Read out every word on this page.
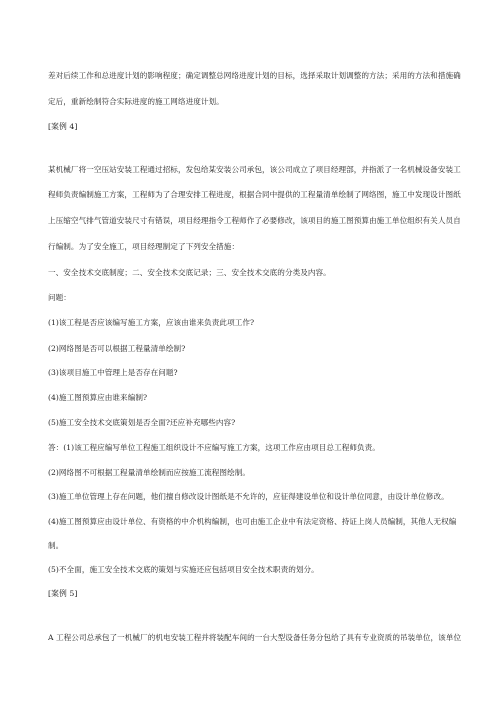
差对后续工作和总进度计划的影响程度；确定调整总网络进度计划的目标，选择采取计划调整的方法；采用的方法和措施确
定后，重新绘制符合实际进度的施工网络进度计划。
[案例 4]
某机械厂将一空压站安装工程通过招标，发包给某安装公司承包，该公司成立了项目经理部，并指派了一名机械设备安装工
程师负责编制施工方案，工程师为了合理安排工程进度，根据合同中提供的工程量清单绘制了网络图，施工中发现设计图纸
上压缩空气排气管道安装尺寸有错误，项目经理指令工程师作了必要修改，该项目的施工图预算由施工单位组织有关人员自
行编制。为了安全施工，项目经理制定了下列安全措施：
一、安全技术交底制度；二、安全技术交底记录；三、安全技术交底的分类及内容。
问题：
(1)该工程是否应该编写施工方案，应该由谁来负责此项工作?
(2)网络图是否可以根据工程量清单绘制?
(3)该项目施工中管理上是否存在问题?
(4)施工图预算应由谁来编制?
(5)施工安全技术交底策划是否全面?还应补充哪些内容?
答：(1)该工程应编写单位工程施工组织设计不应编写施工方案，这项工作应由项目总工程师负责。
(2)网络图不可根据工程量清单绘制而应按施工流程图绘制。
(3)施工单位管理上存在问题，他们擅自修改设计图纸是不允许的，应征得建设单位和设计单位同意，由设计单位修改。
(4)施工图预算应由设计单位、有资格的中介机构编制，也可由施工企业中有法定资格、持证上岗人员编制，其他人无权编
制。
(5)不全面，施工安全技术交底的策划与实施还应包括项目安全技术职责的划分。
[案例 5]
A 工程公司总承包了一机械厂的机电安装工程并将装配车间的一台大型设备任务分包给了具有专业资质的吊装单位，该单位
